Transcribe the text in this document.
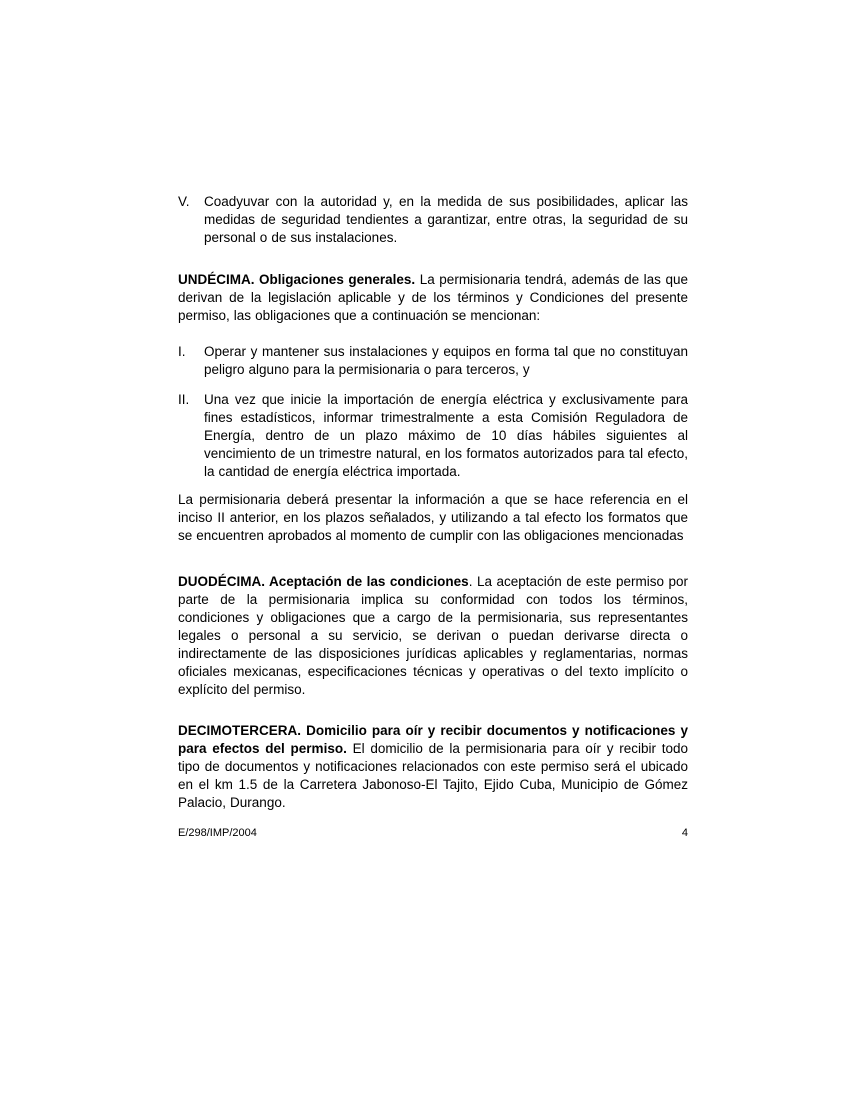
V.	Coadyuvar con la autoridad y, en la medida de sus posibilidades, aplicar las medidas de seguridad tendientes a garantizar, entre otras, la seguridad de su personal o de sus instalaciones.
UNDÉCIMA. Obligaciones generales. La permisionaria tendrá, además de las que derivan de la legislación aplicable y de los términos y Condiciones del presente permiso, las obligaciones que a continuación se mencionan:
I.	Operar y mantener sus instalaciones y equipos en forma tal que no constituyan peligro alguno para la permisionaria o para terceros, y
II.	Una vez que inicie la importación de energía eléctrica y exclusivamente para fines estadísticos, informar trimestralmente a esta Comisión Reguladora de Energía, dentro de un plazo máximo de 10 días hábiles siguientes al vencimiento de un trimestre natural, en los formatos autorizados para tal efecto, la cantidad de energía eléctrica importada.
La permisionaria deberá presentar la información a que se hace referencia en el inciso II anterior, en los plazos señalados, y utilizando a tal efecto los formatos que se encuentren aprobados al momento de cumplir con las obligaciones mencionadas
DUODÉCIMA. Aceptación de las condiciones. La aceptación de este permiso por parte de la permisionaria implica su conformidad con todos los términos, condiciones y obligaciones que a cargo de la permisionaria, sus representantes legales o personal a su servicio, se derivan o puedan derivarse directa o indirectamente de las disposiciones jurídicas aplicables y reglamentarias, normas oficiales mexicanas, especificaciones técnicas y operativas o del texto implícito o explícito del permiso.
DECIMOTERCERA. Domicilio para oír y recibir documentos y notificaciones y para efectos del permiso. El domicilio de la permisionaria para oír y recibir todo tipo de documentos y notificaciones relacionados con este permiso será el ubicado en el km 1.5 de la Carretera Jabonoso-El Tajito, Ejido Cuba, Municipio de Gómez Palacio, Durango.
E/298/IMP/2004	4
